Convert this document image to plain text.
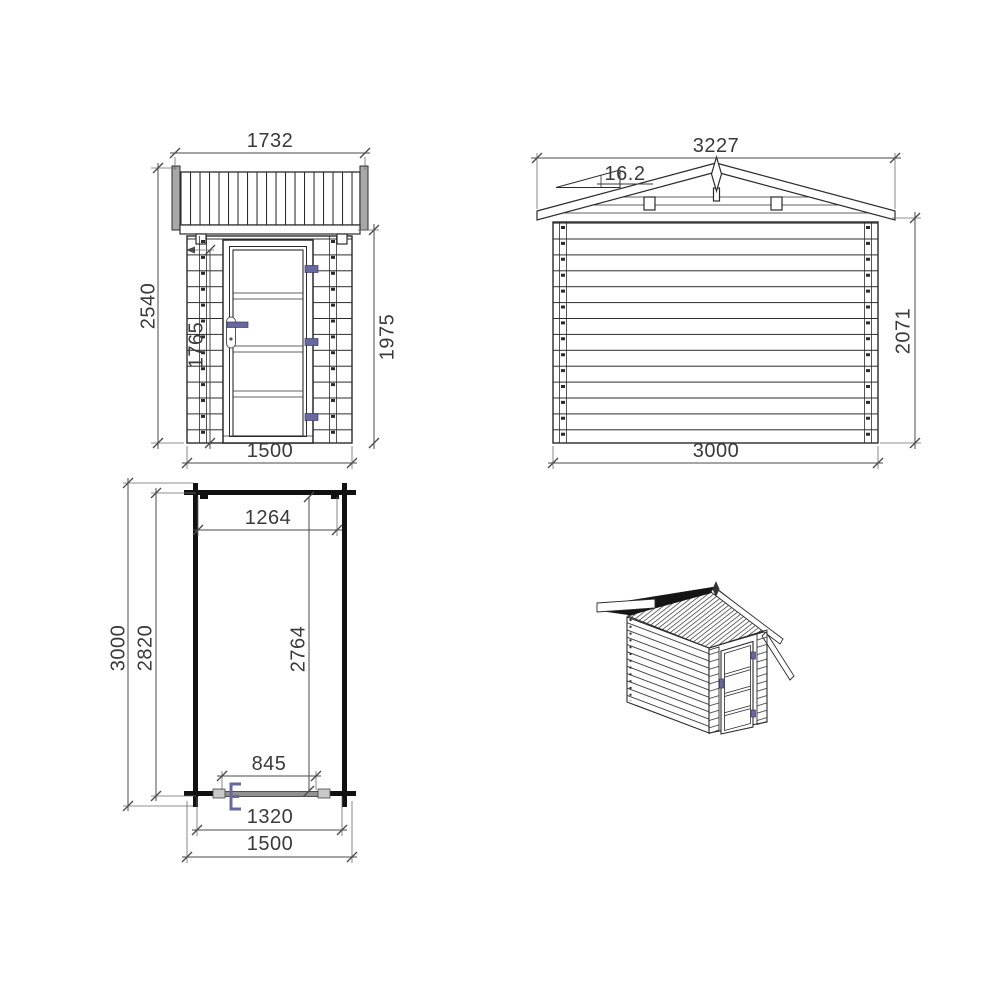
1732
2540
1765	1975
1500
16.2
3227
2071
3000
1264
3000 2820	2764
845
1320
1500
